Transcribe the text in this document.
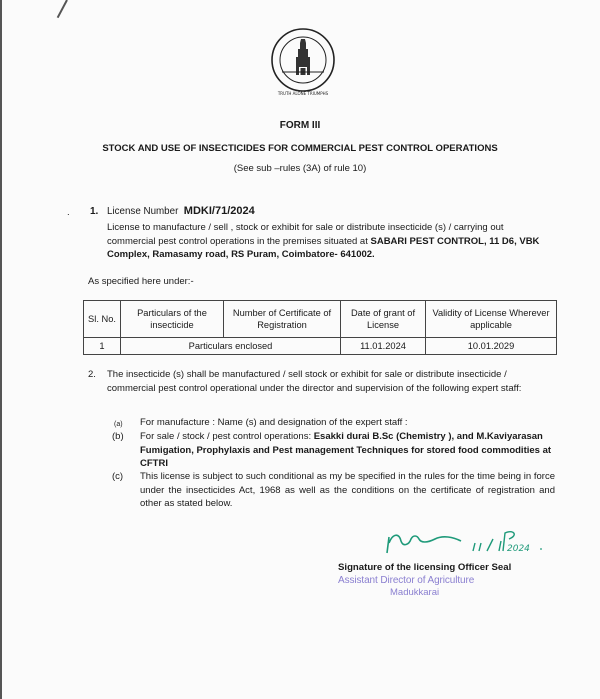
TRUTH ALONE TRIUMPHS
FORM III
STOCK AND USE OF INSECTICIDES FOR COMMERCIAL PEST CONTROL OPERATIONS
(See sub –rules (3A) of rule 10)
. 1. License Number MDKI/71/2024
License to manufacture / sell , stock or exhibit for sale or distribute insecticide (s) / carrying out commercial pest control operations in the premises situated at SABARI PEST CONTROL, 11 D6, VBK Complex, Ramasamy road, RS Puram, Coimbatore- 641002.
As specified here under:-
Sl. No.	Particulars of the insecticide	Number of Certificate of Registration	Date of grant of License	Validity of License Wherever applicable
1	Particulars enclosed		11.01.2024	10.01.2029
2. The insecticide (s) shall be manufactured / sell stock or exhibit for sale or distribute insecticide / commercial pest control operational under the director and supervision of the following expert staff:
(a) For manufacture : Name (s) and designation of the expert staff :
(b) For sale / stock / pest control operations: Esakki durai B.Sc (Chemistry ), and M.Kaviyarasan Fumigation, Prophylaxis and Pest management Techniques for stored food commodities at CFTRI
(c) This license is subject to such conditional as my be specified in the rules for the time being in force under the insecticides Act, 1968 as well as the conditions on the certificate of registration and other as stated below.
2024
Signature of the licensing Officer Seal
Assistant Director of Agriculture
Madukkarai
